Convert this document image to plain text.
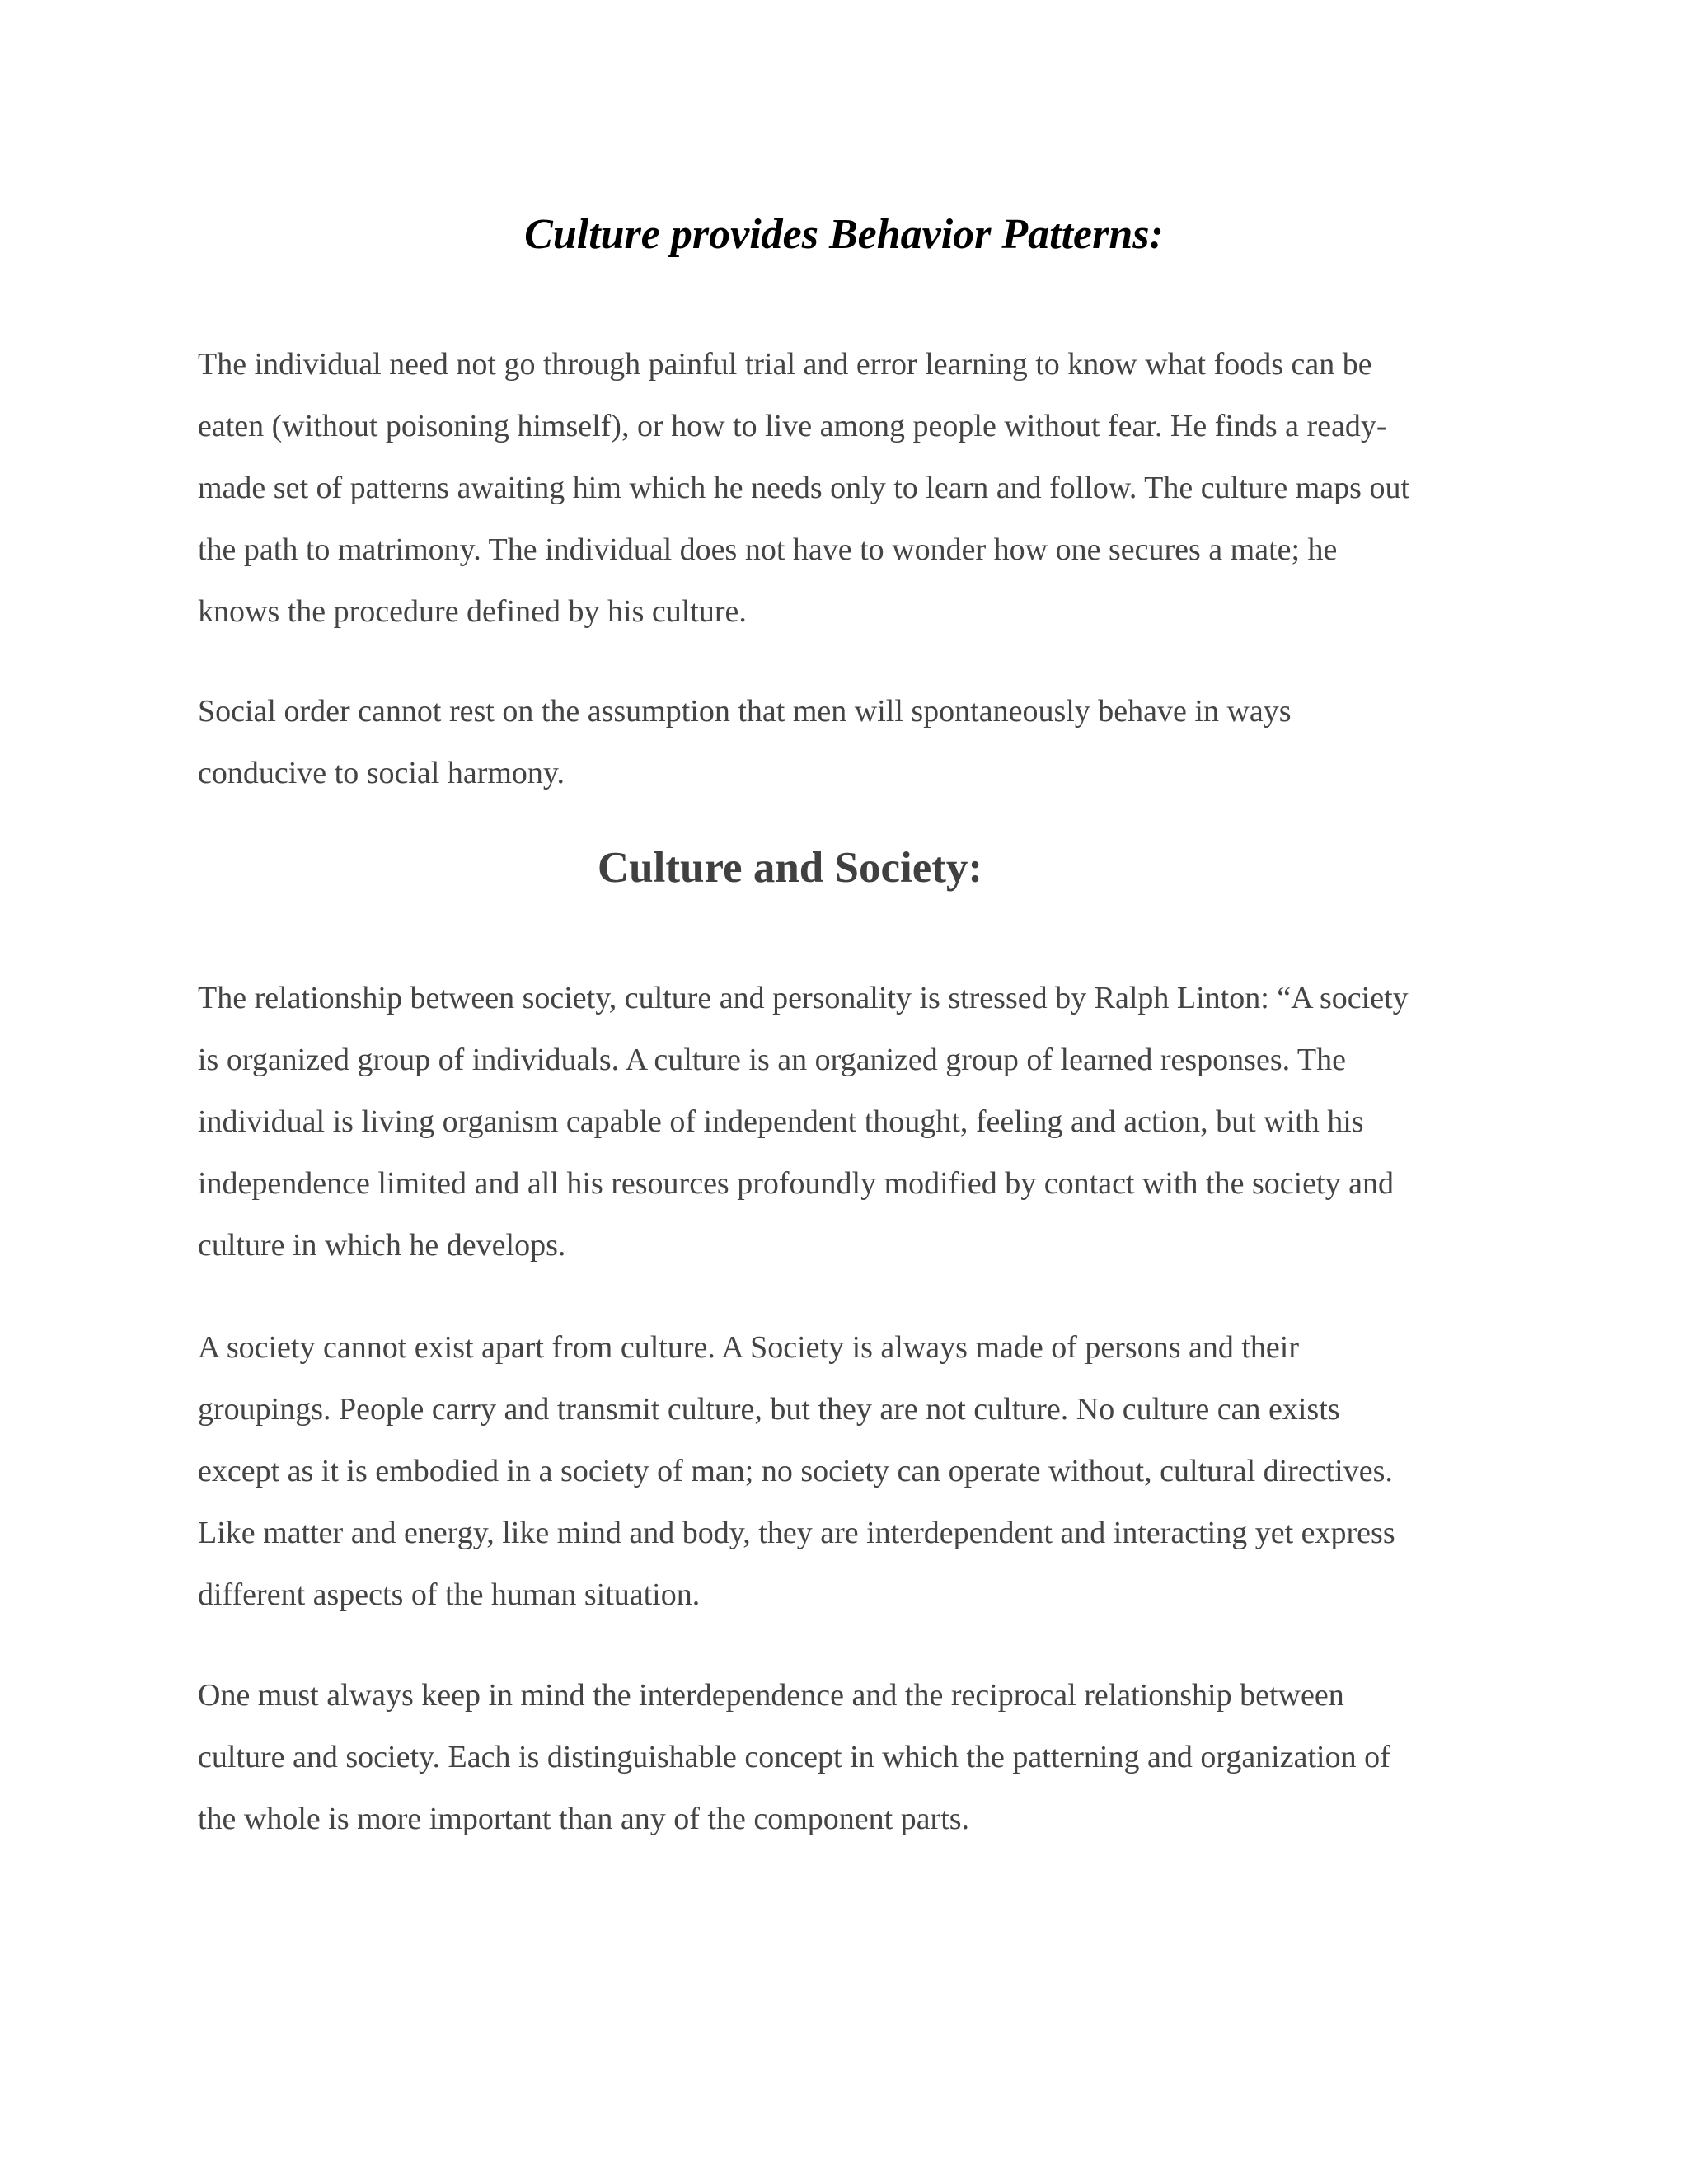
Culture provides Behavior Patterns:

The individual need not go through painful trial and error learning to know what foods can be
eaten (without poisoning himself), or how to live among people without fear. He finds a ready-
made set of patterns awaiting him which he needs only to learn and follow. The culture maps out
the path to matrimony. The individual does not have to wonder how one secures a mate; he
knows the procedure defined by his culture.

Social order cannot rest on the assumption that men will spontaneously behave in ways
conducive to social harmony.

Culture and Society:

The relationship between society, culture and personality is stressed by Ralph Linton: “A society
is organized group of individuals. A culture is an organized group of learned responses. The
individual is living organism capable of independent thought, feeling and action, but with his
independence limited and all his resources profoundly modified by contact with the society and
culture in which he develops.

A society cannot exist apart from culture. A Society is always made of persons and their
groupings. People carry and transmit culture, but they are not culture. No culture can exists
except as it is embodied in a society of man; no society can operate without, cultural directives.
Like matter and energy, like mind and body, they are interdependent and interacting yet express
different aspects of the human situation.

One must always keep in mind the interdependence and the reciprocal relationship between
culture and society. Each is distinguishable concept in which the patterning and organization of
the whole is more important than any of the component parts.
